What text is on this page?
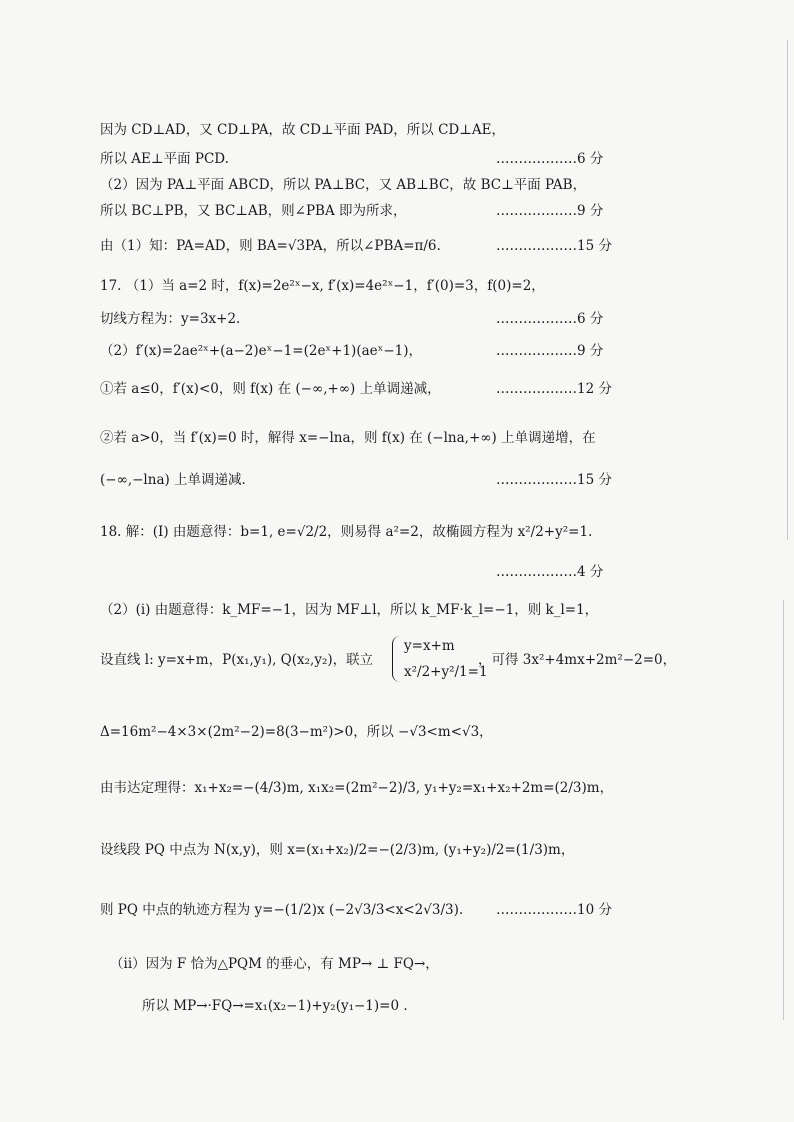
因为 CD⊥AD，又 CD⊥PA，故 CD⊥平面 PAD，所以 CD⊥AE，
所以 AE⊥平面 PCD.	………………6 分
（2）因为 PA⊥平面 ABCD，所以 PA⊥BC，又 AB⊥BC，故 BC⊥平面 PAB，
所以 BC⊥PB，又 BC⊥AB，则∠PBA 即为所求，	………………9 分
由（1）知：PA=AD，则 BA=√3PA，所以∠PBA=π/6.	………………15 分
17. （1）当 a=2 时，f(x)=2e²ˣ−x, f′(x)=4e²ˣ−1，f′(0)=3，f(0)=2，
切线方程为：y=3x+2.	………………6 分
（2）f′(x)=2ae²ˣ+(a−2)eˣ−1=(2eˣ+1)(aeˣ−1)，	………………9 分
①若 a≤0，f′(x)<0，则 f(x) 在 (−∞,+∞) 上单调递减，	………………12 分
②若 a>0，当 f′(x)=0 时，解得 x=−lna，则 f(x) 在 (−lna,+∞) 上单调递增，在
(−∞,−lna) 上单调递减.	………………15 分
18. 解：(I) 由题意得：b=1, e=√2/2，则易得 a²=2，故椭圆方程为 x²/2+y²=1.
………………4 分
（2）(i) 由题意得：k_MF=−1，因为 MF⊥l，所以 k_MF·k_l=−1，则 k_l=1，
设直线 l: y=x+m，P(x₁,y₁), Q(x₂,y₂)，联立
y=x+m
x²/2+y²/1=1
，可得 3x²+4mx+2m²−2=0，
Δ=16m²−4×3×(2m²−2)=8(3−m²)>0，所以 −√3<m<√3，
由韦达定理得：x₁+x₂=−(4/3)m, x₁x₂=(2m²−2)/3, y₁+y₂=x₁+x₂+2m=(2/3)m，
设线段 PQ 中点为 N(x,y)，则 x=(x₁+x₂)/2=−(2/3)m, (y₁+y₂)/2=(1/3)m，
则 PQ 中点的轨迹方程为 y=−(1/2)x (−2√3/3<x<2√3/3).	………………10 分
（ii）因为 F 恰为△PQM 的垂心，有 MP→ ⊥ FQ→，
所以 MP→·FQ→=x₁(x₂−1)+y₂(y₁−1)=0 .
